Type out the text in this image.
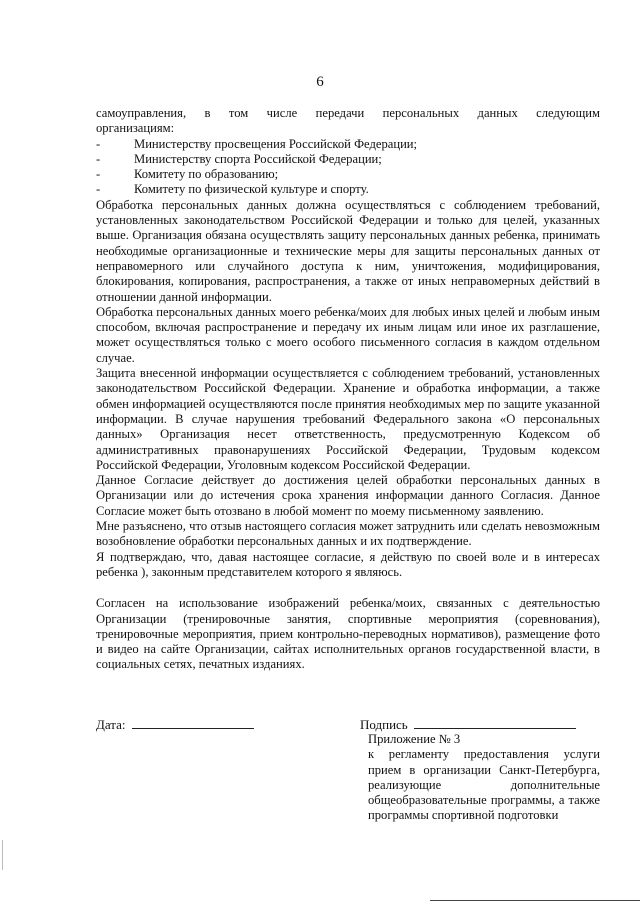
6

самоуправления, в том числе передачи персональных данных следующим

организациям:

-	Министерству просвещения Российской Федерации;
-	Министерству спорта Российской Федерации;
-	Комитету по образованию;
-	Комитету по физической культуре и спорту.

Обработка персональных данных должна осуществляться с соблюдением требований, установленных законодательством Российской Федерации и только для целей, указанных выше. Организация обязана осуществлять защиту персональных данных ребенка, принимать необходимые организационные и технические меры для защиты персональных данных от неправомерного или случайного доступа к ним, уничтожения, модифицирования, блокирования, копирования, распространения, а также от иных неправомерных действий в отношении данной информации.

Обработка персональных данных моего ребенка/моих для любых иных целей и любым иным способом, включая распространение и передачу их иным лицам или иное их разглашение, может осуществляться только с моего особого письменного согласия в каждом отдельном случае.

Защита внесенной информации осуществляется с соблюдением требований, установленных законодательством Российской Федерации. Хранение и обработка информации, а также обмен информацией осуществляются после принятия необходимых мер по защите указанной информации. В случае нарушения требований Федерального закона «О персональных данных» Организация несет ответственность, предусмотренную Кодексом об административных правонарушениях Российской Федерации, Трудовым кодексом Российской Федерации, Уголовным кодексом Российской Федерации.

Данное Согласие действует до достижения целей обработки персональных данных в Организации или до истечения срока хранения информации данного Согласия. Данное Согласие может быть отозвано в любой момент по моему письменному заявлению.

Мне разъяснено, что отзыв настоящего согласия может затруднить или сделать невозможным возобновление обработки персональных данных и их подтверждение.

Я подтверждаю, что, давая настоящее согласие, я действую по своей воле и в интересах ребенка ), законным представителем которого я являюсь.

Согласен на использование изображений ребенка/моих, связанных с деятельностью Организации (тренировочные занятия, спортивные мероприятия (соревнования), тренировочные мероприятия, прием контрольно-переводных нормативов), размещение фото и видео на сайте Организации, сайтах исполнительных органов государственной власти, в социальных сетях, печатных изданиях.

Дата:	Подпись

Приложение № 3

к регламенту предоставления услуги прием в организации Санкт-Петербурга, реализующие дополнительные общеобразовательные программы, а также программы спортивной подготовки
